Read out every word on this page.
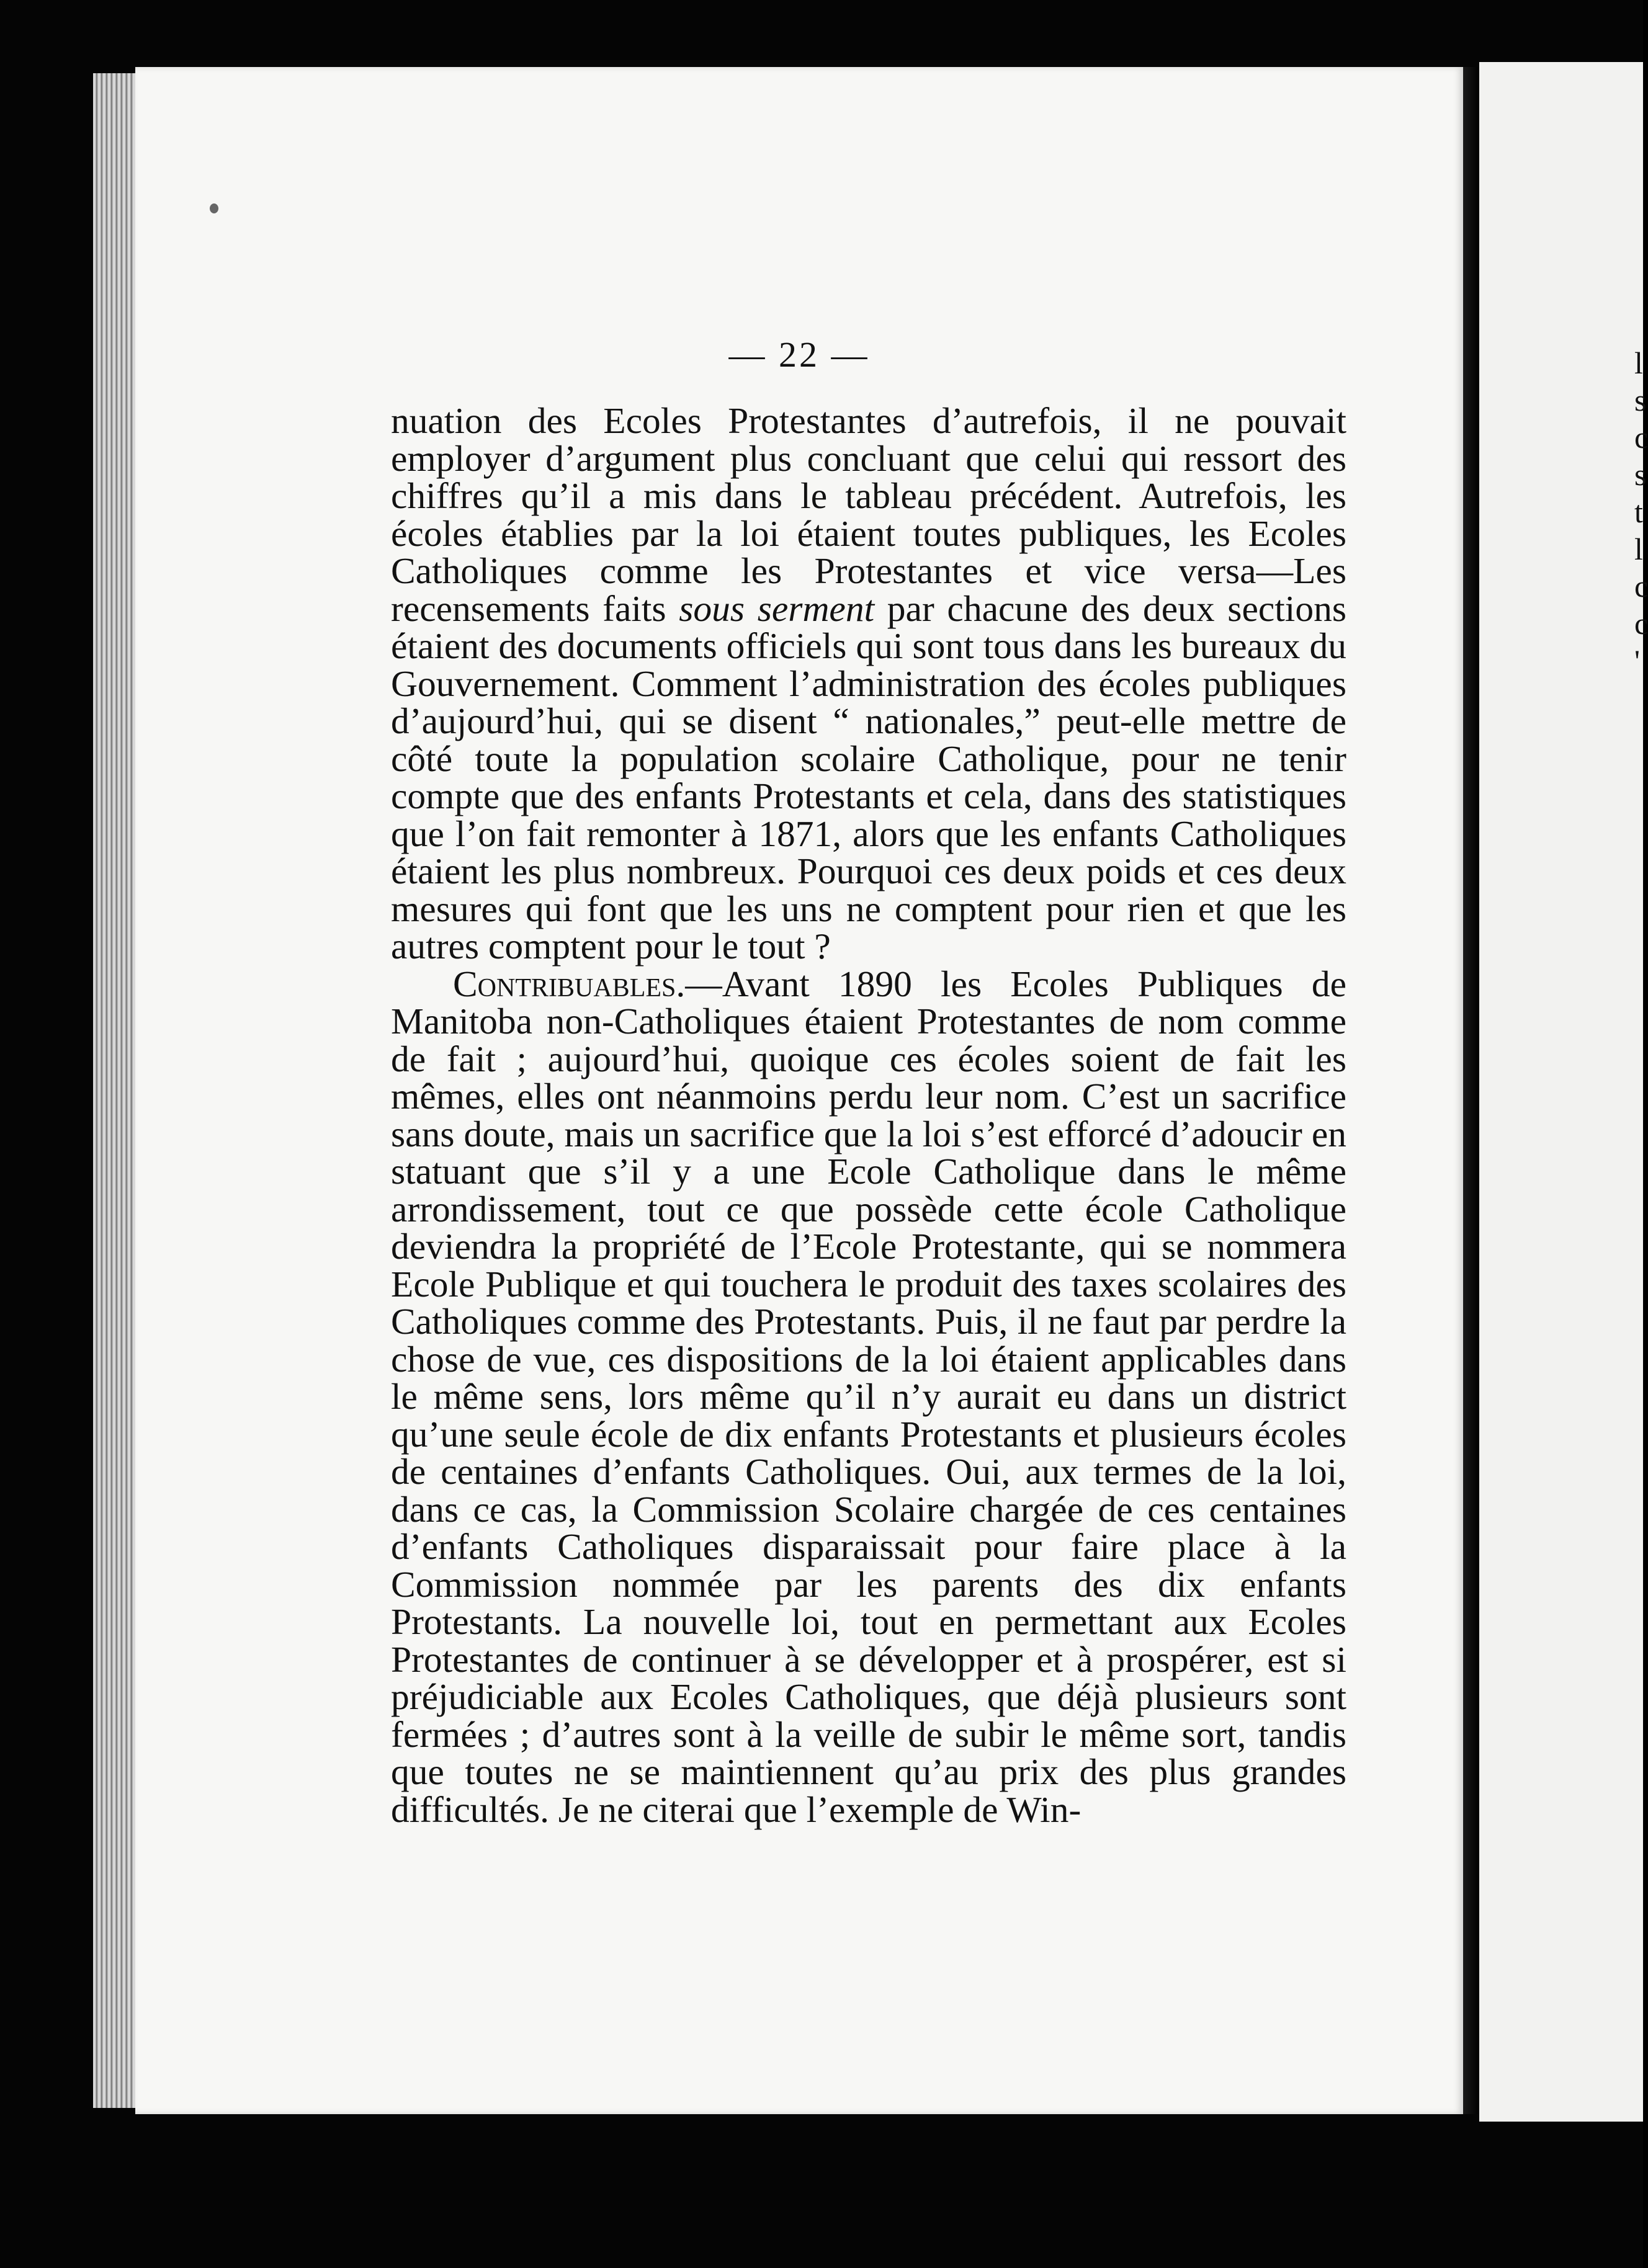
— 22 —

nuation des Ecoles Protestantes d’autrefois, il ne pouvait employer d’argument plus concluant que celui qui ressort des chiffres qu’il a mis dans le tableau précédent. Autrefois, les écoles établies par la loi étaient toutes publiques, les Ecoles Catholiques comme les Protestantes et vice versa—Les recensements faits sous serment par chacune des deux sections étaient des documents officiels qui sont tous dans les bureaux du Gouvernement. Comment l’administration des écoles publiques d’aujourd’hui, qui se disent “ nationales,” peut-elle mettre de côté toute la population scolaire Catholique, pour ne tenir compte que des enfants Protestants et cela, dans des statistiques que l’on fait remonter à 1871, alors que les enfants Catholiques étaient les plus nombreux. Pourquoi ces deux poids et ces deux mesures qui font que les uns ne comptent pour rien et que les autres comptent pour le tout ?

Contribuables.—Avant 1890 les Ecoles Publiques de Manitoba non-Catholiques étaient Protestantes de nom comme de fait ; aujourd’hui, quoique ces écoles soient de fait les mêmes, elles ont néanmoins perdu leur nom. C’est un sacrifice sans doute, mais un sacrifice que la loi s’est efforcé d’adoucir en statuant que s’il y a une Ecole Catholique dans le même arrondissement, tout ce que possède cette école Catholique deviendra la propriété de l’Ecole Protestante, qui se nommera Ecole Publique et qui touchera le produit des taxes scolaires des Catholiques comme des Protestants. Puis, il ne faut par perdre la chose de vue, ces dispositions de la loi étaient applicables dans le même sens, lors même qu’il n’y aurait eu dans un district qu’une seule école de dix enfants Protestants et plusieurs écoles de centaines d’enfants Catholiques. Oui, aux termes de la loi, dans ce cas, la Commission Scolaire chargée de ces centaines d’enfants Catholiques disparaissait pour faire place à la Commission nommée par les parents des dix enfants Protestants. La nouvelle loi, tout en permettant aux Ecoles Protestantes de continuer à se développer et à prospérer, est si préjudiciable aux Ecoles Catholiques, que déjà plusieurs sont fermées ; d’autres sont à la veille de subir le même sort, tandis que toutes ne se maintiennent qu’au prix des plus grandes difficultés. Je ne citerai que l’exemple de Win-

l
s
c
s
t
l
c
c
'
